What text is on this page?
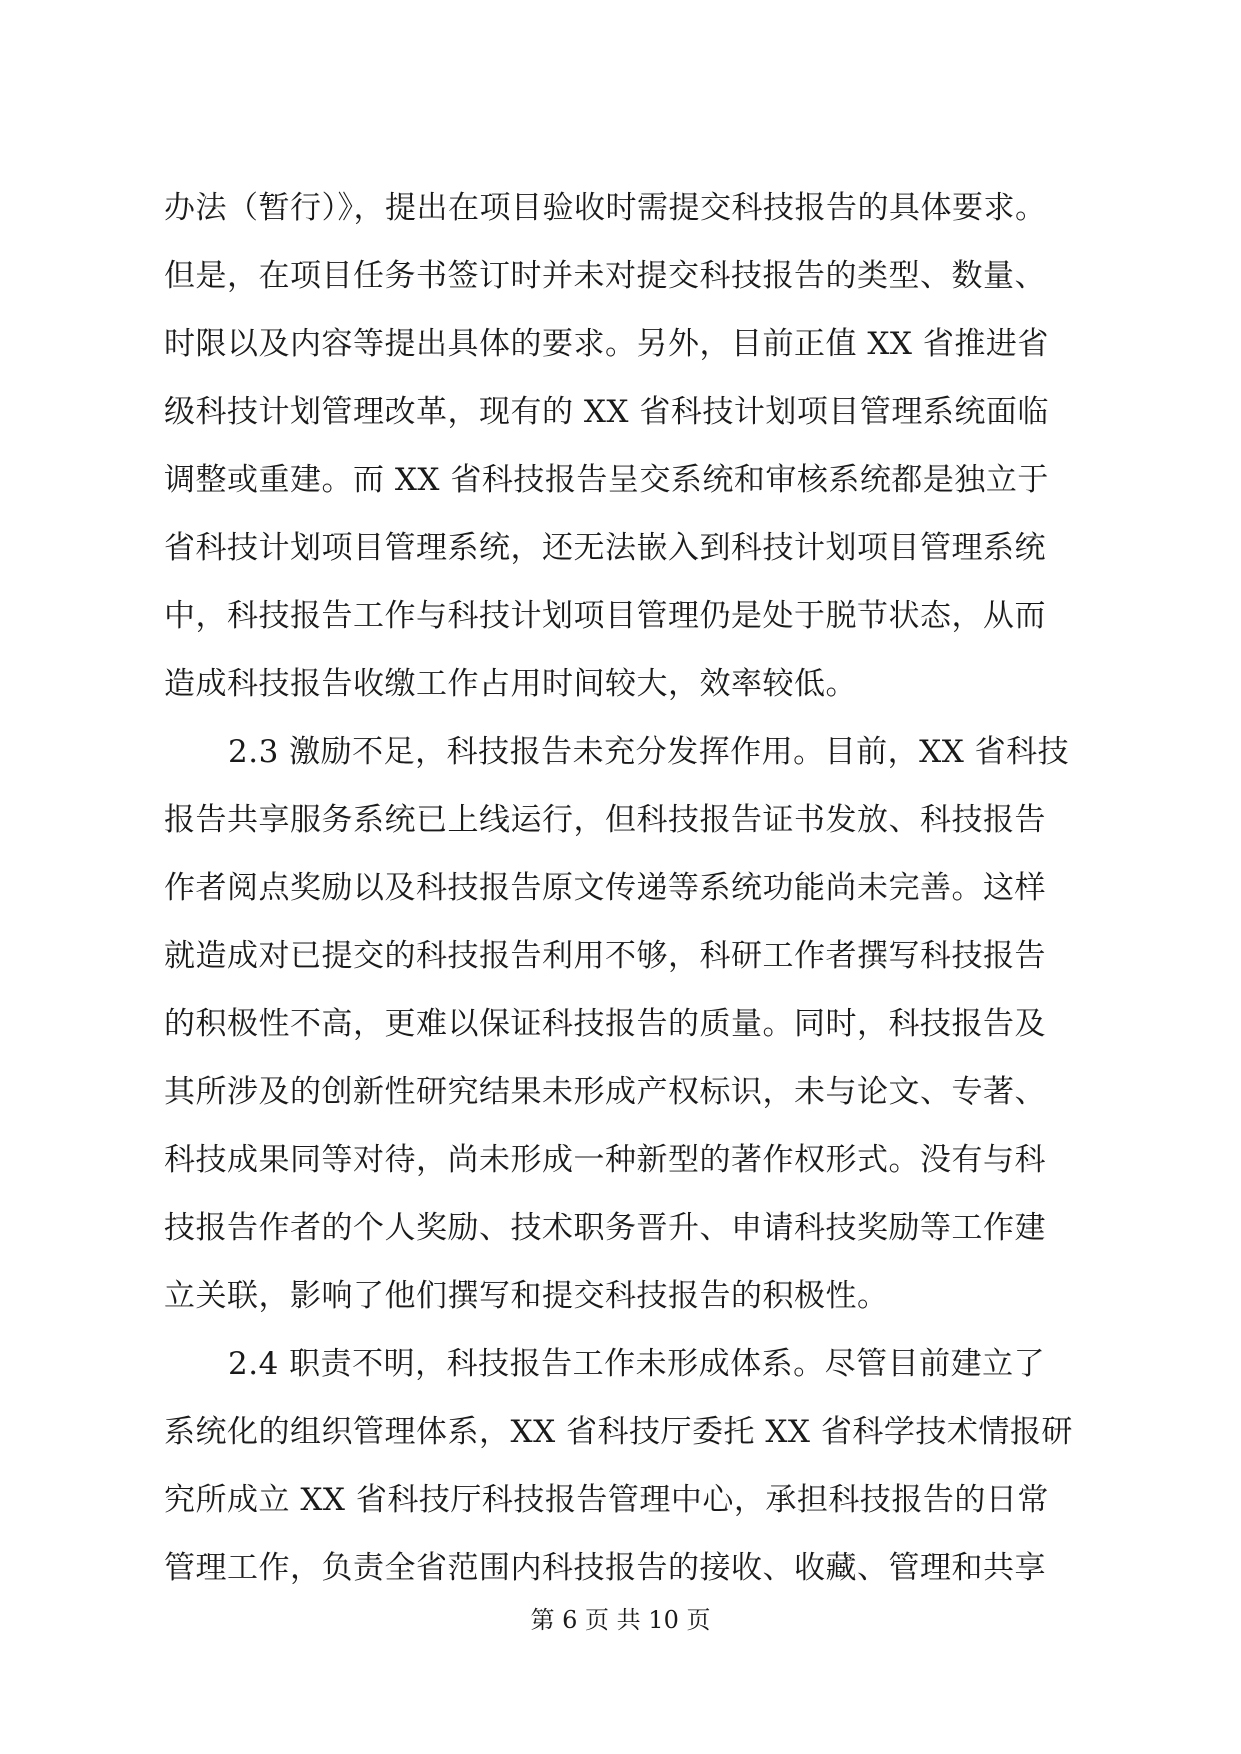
办法（暂行）》，提出在项目验收时需提交科技报告的具体要求。
但是，在项目任务书签订时并未对提交科技报告的类型、数量、
时限以及内容等提出具体的要求。另外，目前正值 XX 省推进省
级科技计划管理改革，现有的 XX 省科技计划项目管理系统面临
调整或重建。而 XX 省科技报告呈交系统和审核系统都是独立于
省科技计划项目管理系统，还无法嵌入到科技计划项目管理系统
中，科技报告工作与科技计划项目管理仍是处于脱节状态，从而
造成科技报告收缴工作占用时间较大，效率较低。
2.3 激励不足，科技报告未充分发挥作用。目前，XX 省科技
报告共享服务系统已上线运行，但科技报告证书发放、科技报告
作者阅点奖励以及科技报告原文传递等系统功能尚未完善。这样
就造成对已提交的科技报告利用不够，科研工作者撰写科技报告
的积极性不高，更难以保证科技报告的质量。同时，科技报告及
其所涉及的创新性研究结果未形成产权标识，未与论文、专著、
科技成果同等对待，尚未形成一种新型的著作权形式。没有与科
技报告作者的个人奖励、技术职务晋升、申请科技奖励等工作建
立关联，影响了他们撰写和提交科技报告的积极性。
2.4 职责不明，科技报告工作未形成体系。尽管目前建立了
系统化的组织管理体系，XX 省科技厅委托 XX 省科学技术情报研
究所成立 XX 省科技厅科技报告管理中心，承担科技报告的日常
管理工作，负责全省范围内科技报告的接收、收藏、管理和共享
第 6 页 共 10 页
